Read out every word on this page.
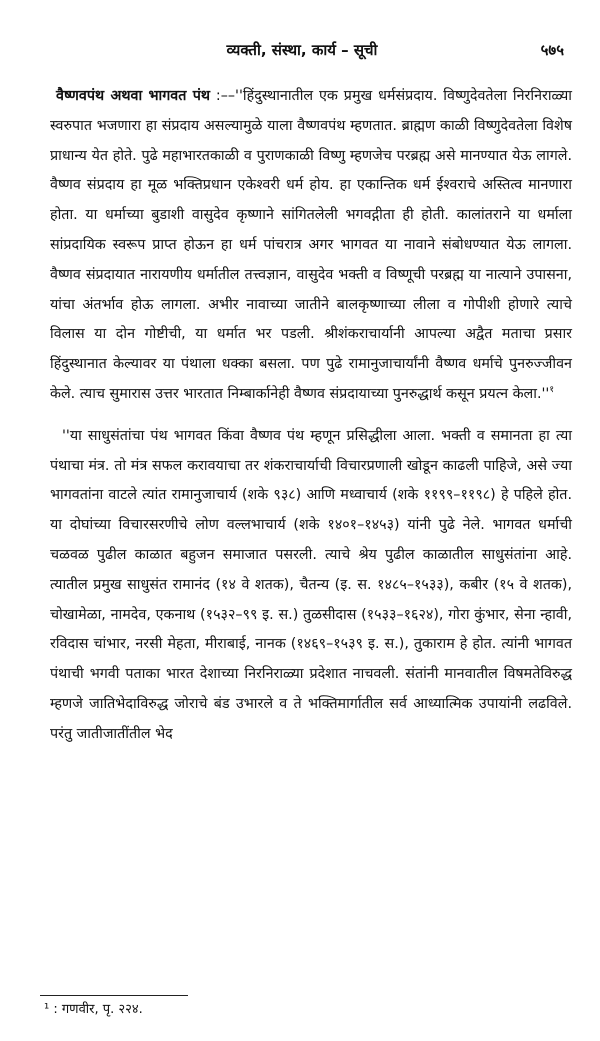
व्यक्ती, संस्था, कार्य – सूची	५७५

वैष्णवपंथ अथवा भागवत पंथ :––''हिंदुस्थानातील एक प्रमुख धर्मसंप्रदाय. विष्णुदेवतेला निरनिराळ्या स्वरुपात भजणारा हा संप्रदाय असल्यामुळे याला वैष्णवपंथ म्हणतात. ब्राह्मण काळी विष्णुदेवतेला विशेष प्राधान्य येत होते. पुढे महाभारतकाळी व पुराणकाळी विष्णु म्हणजेच परब्रह्म असे मानण्यात येऊ लागले. वैष्णव संप्रदाय हा मूळ भक्तिप्रधान एकेश्वरी धर्म होय. हा एकान्तिक धर्म ईश्वराचे अस्तित्व मानणारा होता. या धर्माच्या बुडाशी वासुदेव कृष्णाने सांगितलेली भगवद्गीता ही होती. कालांतराने या धर्माला सांप्रदायिक स्वरूप प्राप्त होऊन हा धर्म पांचरात्र अगर भागवत या नावाने संबोधण्यात येऊ लागला. वैष्णव संप्रदायात नारायणीय धर्मातील तत्त्वज्ञान, वासुदेव भक्ती व विष्णूची परब्रह्म या नात्याने उपासना, यांचा अंतर्भाव होऊ लागला. अभीर नावाच्या जातीने बालकृष्णाच्या लीला व गोपीशी होणारे त्याचे विलास या दोन गोष्टीची, या धर्मात भर पडली. श्रीशंकराचार्यानी आपल्या अद्वैत मताचा प्रसार हिंदुस्थानात केल्यावर या पंथाला धक्का बसला. पण पुढे रामानुजाचार्यांनी वैष्णव धर्माचे पुनरुज्जीवन केले. त्याच सुमारास उत्तर भारतात निम्बार्कानेही वैष्णव संप्रदायाच्या पुनरुद्धार्थ कसून प्रयत्न $केला.''^१$

''या साधुसंतांचा पंथ भागवत किंवा वैष्णव पंथ म्हणून प्रसिद्धीला आला. भक्ती व समानता हा त्या पंथाचा मंत्र. तो मंत्र सफल करावयाचा तर शंकराचार्याची विचारप्रणाली खोडून काढली पाहिजे, असे ज्या भागवतांना वाटले त्यांत रामानुजाचार्य (शके ९३८) आणि मध्वाचार्य (शके ११९९–११९८) हे पहिले होत. या दोघांच्या विचारसरणीचे लोण वल्लभाचार्य (शके १४०१–१४५३) यांनी पुढे नेले. भागवत धर्माची चळवळ पुढील काळात बहुजन समाजात पसरली. त्याचे श्रेय पुढील काळातील साधुसंतांना आहे. त्यातील प्रमुख साधुसंत रामानंद (१४ वे शतक), चैतन्य (इ. स. १४८५–१५३३), कबीर (१५ वे शतक), चोखामेळा, नामदेव, एकनाथ (१५३२–९९ इ. स.) तुळसीदास (१५३३–१६२४), गोरा कुंभार, सेना न्हावी, रविदास चांभार, नरसी मेहता, मीराबाई, नानक (१४६९–१५३९ इ. स.), तुकाराम हे होत. त्यांनी भागवत पंथाची भगवी पताका भारत देशाच्या निरनिराळ्या प्रदेशात नाचवली. संतांनी मानवातील विषमतेविरुद्ध म्हणजे जातिभेदाविरुद्ध जोराचे बंड उभारले व ते भक्तिमार्गातील सर्व आध्यात्मिक उपायांनी लढविले. परंतु जातीजातींतील भेद

¹ : गणवीर, पृ. २२४.
